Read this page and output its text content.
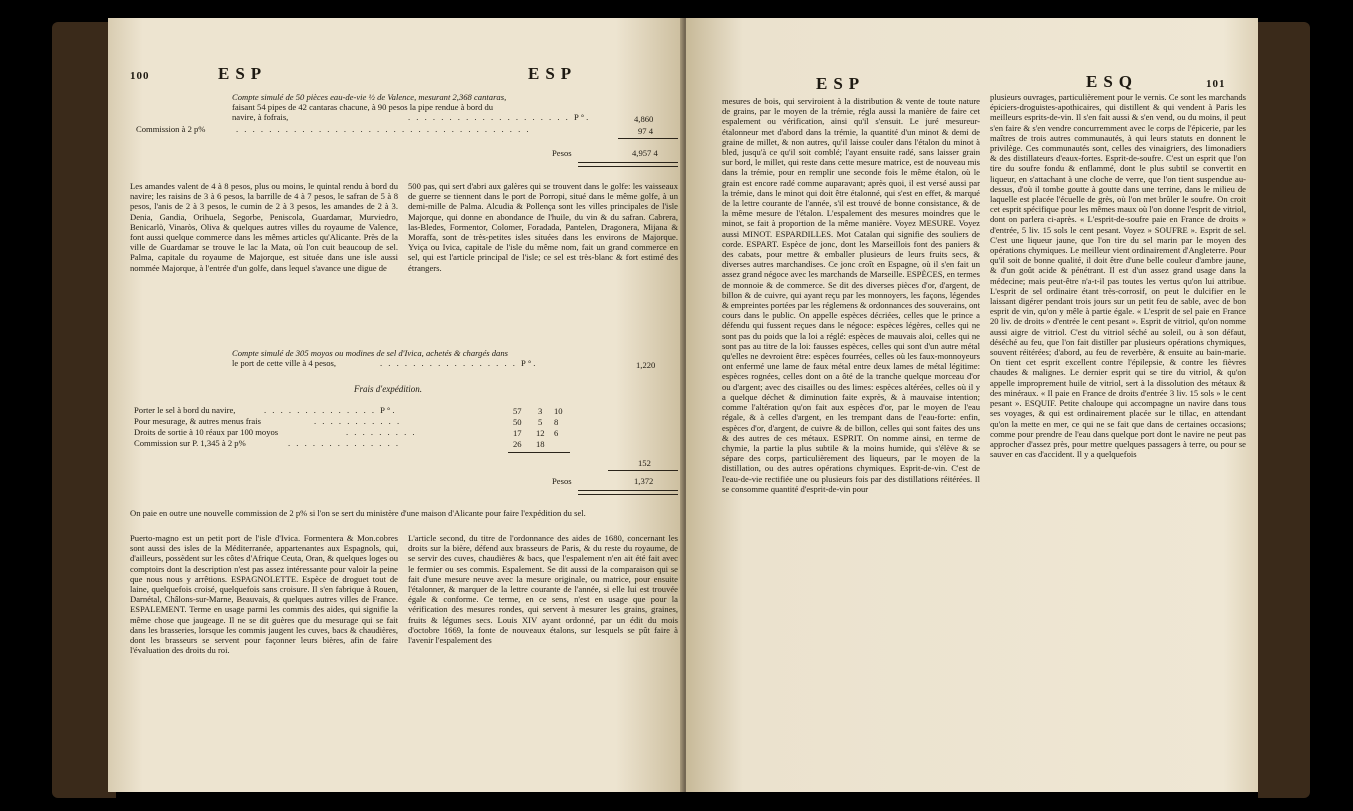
100	ESP	ESP

Compte simulé de 50 pièces eau-de-vie ½ de Valence, mesurant 2,368 cantaras,

faisant 54 pipes de 42 cantaras chacune, à 90 pesos la pipe rendue à bord du

navire, à fofrais,	. . . . . . . . . . . . . . . . . . . . P°.	4,860
Commission à 2 p%	. . . . . . . . . . . . . . . . . . . . . . . . . . . . . . . . . . . .	97 4
Pesos	4,957 4

Les amandes valent de 4 à 8 pesos, plus ou moins, le quintal rendu à bord du navire; les raisins de 3 à 6 pesos, la barrille de 4 à 7 pesos, le safran de 5 à 8 pesos, l'anis de 2 à 3 pesos, le cumin de 2 à 3 pesos, les amandes de 2 à 3. Denia, Gandia, Orihuela, Segorbe, Peniscola, Guardamar, Murviedro, Benicarlò, Vinaròs, Oliva & quelques autres villes du royaume de Valence, font aussi quelque commerce dans les mêmes articles qu'Alicante. Près de la ville de Guardamar se trouve le lac la Mata, où l'on cuit beaucoup de sel. Palma, capitale du royaume de Majorque, est située dans une isle aussi nommée Majorque, à l'entrée d'un golfe, dans lequel s'avance une digue de

500 pas, qui sert d'abri aux galères qui se trouvent dans le golfe: les vaisseaux de guerre se tiennent dans le port de Porropi, situé dans le même golfe, à un demi-mille de Palma. Alcudia & Pollença sont les villes principales de l'isle Majorque, qui donne en abondance de l'huile, du vin & du safran. Cabrera, las-Bledes, Formentor, Colomer, Foradada, Pantelen, Dragonera, Mijana & Moraffa, sont de très-petites isles situées dans les environs de Majorque. Yviça ou Ivica, capitale de l'isle du même nom, fait un grand commerce en sel, qui est l'article principal de l'isle; ce sel est très-blanc & fort estimé des étrangers.

Compte simulé de 305 moyos ou modines de sel d'Ivica, achetés & chargés dans

le port de cette ville à 4 pesos,	. . . . . . . . . . . . . . . . . P°.	1,220
Frais d'expédition.
Porter le sel à bord du navire,	. . . . . . . . . . . . . . P°.	57 3 10
Pour mesurage, & autres menus frais	. . . . . . . . . . .	50 5 8
Droits de sortie à 10 réaux par 100 moyos	. . . . . . . . .	17 12 6
Commission sur P. 1,345 à 2 p%	. . . . . . . . . . . . . .	26 18
152
Pesos	1,372

On paie en outre une nouvelle commission de 2 p% si l'on se sert du ministère d'une maison d'Alicante pour faire l'expédition du sel.

Puerto-magno est un petit port de l'isle d'Ivica. Formentera & Mon.cobres sont aussi des isles de la Méditerranée, appartenantes aux Espagnols, qui, d'ailleurs, possèdent sur les côtes d'Afrique Ceuta, Oran, & quelques loges ou comptoirs dont la description n'est pas assez intéressante pour valoir la peine que nous nous y arrêtions. ESPAGNOLETTE. Espèce de droguet tout de laine, quelquefois croisé, quelquefois sans croisure. Il s'en fabrique à Rouen, Darnétal, Châlons-sur-Marne, Beauvais, & quelques autres villes de France. ESPALEMENT. Terme en usage parmi les commis des aides, qui signifie la même chose que jaugeage. Il ne se dit guères que du mesurage qui se fait dans les brasseries, lorsque les commis jaugent les cuves, bacs & chaudières, dont les brasseurs se servent pour façonner leurs bières, afin de faire l'évaluation des droits du roi.

L'article second, du titre de l'ordonnance des aides de 1680, concernant les droits sur la bière, défend aux brasseurs de Paris, & du reste du royaume, de se servir des cuves, chaudières & bacs, que l'espalement n'en ait été fait avec le fermier ou ses commis. Espalement. Se dit aussi de la comparaison qui se fait d'une mesure neuve avec la mesure originale, ou matrice, pour ensuite l'étalonner, & marquer de la lettre courante de l'année, si elle lui est trouvée égale & conforme. Ce terme, en ce sens, n'est en usage que pour la vérification des mesures rondes, qui servent à mesurer les grains, graines, fruits & légumes secs. Louis XIV ayant ordonné, par un édit du mois d'octobre 1669, la fonte de nouveaux étalons, sur lesquels se pût faire à l'avenir l'espalement des

ESP	ESQ	101

mesures de bois, qui serviroient à la distribution & vente de toute nature de grains, par le moyen de la trémie, régla aussi la manière de faire cet espalement ou vérification, ainsi qu'il s'ensuit. Le juré mesureur-étalonneur met d'abord dans la trémie, la quantité d'un minot & demi de graine de millet, & non autres, qu'il laisse couler dans l'étalon du minot à bled, jusqu'à ce qu'il soit comblé; l'ayant ensuite radé, sans laisser grain sur bord, le millet, qui reste dans cette mesure matrice, est de nouveau mis dans la trémie, pour en remplir une seconde fois le même étalon, où le grain est encore radé comme auparavant; après quoi, il est versé aussi par la trémie, dans le minot qui doit être étalonné, qui s'est en effet, & marqué de la lettre courante de l'année, s'il est trouvé de bonne consistance, & de la même mesure de l'étalon. L'espalement des mesures moindres que le minot, se fait à proportion de la même manière. Voyez MESURE. Voyez aussi MINOT. ESPARDILLES. Mot Catalan qui signifie des souliers de corde. ESPART. Espèce de jonc, dont les Marseillois font des paniers & des cabats, pour mettre & emballer plusieurs de leurs fruits secs, & diverses autres marchandises. Ce jonc croît en Espagne, où il s'en fait un assez grand négoce avec les marchands de Marseille. ESPÈCES, en termes de monnoie & de commerce. Se dit des diverses pièces d'or, d'argent, de billon & de cuivre, qui ayant reçu par les monnoyers, les façons, légendes & empreintes portées par les réglemens & ordonnances des souverains, ont cours dans le public. On appelle espèces décriées, celles que le prince a défendu qui fussent reçues dans le négoce: espèces légères, celles qui ne sont pas du poids que la loi a réglé: espèces de mauvais aloi, celles qui ne sont pas au titre de la loi: fausses espèces, celles qui sont d'un autre métal qu'elles ne devroient être: espèces fourrées, celles où les faux-monnoyeurs ont enfermé une lame de faux métal entre deux lames de métal légitime: espèces rognées, celles dont on a ôté de la tranche quelque morceau d'or ou d'argent; avec des cisailles ou des limes: espèces altérées, celles où il y a quelque déchet & diminution faite exprès, & à mauvaise intention; comme l'altération qu'on fait aux espèces d'or, par le moyen de l'eau régale, & à celles d'argent, en les trempant dans de l'eau-forte: enfin, espèces d'or, d'argent, de cuivre & de billon, celles qui sont faites des uns & des autres de ces métaux. ESPRIT. On nomme ainsi, en terme de chymie, la partie la plus subtile & la moins humide, qui s'élève & se sépare des corps, particulièrement des liqueurs, par le moyen de la distillation, ou des autres opérations chymiques. Esprit-de-vin. C'est de l'eau-de-vie rectifiée une ou plusieurs fois par des distillations réitérées. Il se consomme quantité d'esprit-de-vin pour

plusieurs ouvrages, particulièrement pour le vernis. Ce sont les marchands épiciers-droguistes-apothicaires, qui distillent & qui vendent à Paris les meilleurs esprits-de-vin. Il s'en fait aussi & s'en vend, ou du moins, il peut s'en faire & s'en vendre concurremment avec le corps de l'épicerie, par les maîtres de trois autres communautés, à qui leurs statuts en donnent le privilège. Ces communautés sont, celles des vinaigriers, des limonadiers & des distillateurs d'eaux-fortes. Esprit-de-soufre. C'est un esprit que l'on tire du soufre fondu & enflammé, dont le plus subtil se convertit en liqueur, en s'attachant à une cloche de verre, que l'on tient suspendue au-dessus, d'où il tombe goutte à goutte dans une terrine, dans le milieu de laquelle est placée l'écuelle de grès, où l'on met brûler le soufre. On croit cet esprit spécifique pour les mêmes maux où l'on donne l'esprit de vitriol, dont on parlera ci-après. « L'esprit-de-soufre paie en France de droits » d'entrée, 5 liv. 15 sols le cent pesant. Voyez » SOUFRE ». Esprit de sel. C'est une liqueur jaune, que l'on tire du sel marin par le moyen des opérations chymiques. Le meilleur vient ordinairement d'Angleterre. Pour qu'il soit de bonne qualité, il doit être d'une belle couleur d'ambre jaune, & d'un goût acide & pénétrant. Il est d'un assez grand usage dans la médecine; mais peut-être n'a-t-il pas toutes les vertus qu'on lui attribue. L'esprit de sel ordinaire étant très-corrosif, on peut le dulcifier en le laissant digérer pendant trois jours sur un petit feu de sable, avec de bon esprit de vin, qu'on y mêle à partie égale. « L'esprit de sel paie en France 20 liv. de droits » d'entrée le cent pesant ». Esprit de vitriol, qu'on nomme aussi aigre de vitriol. C'est du vitriol séché au soleil, ou à son défaut, déséché au feu, que l'on fait distiller par plusieurs opérations chymiques, souvent réitérées; d'abord, au feu de reverbère, & ensuite au bain-marie. On tient cet esprit excellent contre l'épilepsie, & contre les fièvres chaudes & malignes. Le dernier esprit qui se tire du vitriol, & qu'on appelle improprement huile de vitriol, sert à la dissolution des métaux & des minéraux. « Il paie en France de droits d'entrée 3 liv. 15 sols » le cent pesant ». ESQUIF. Petite chaloupe qui accompagne un navire dans tous ses voyages, & qui est ordinairement placée sur le tillac, en attendant qu'on la mette en mer, ce qui ne se fait que dans de certaines occasions; comme pour prendre de l'eau dans quelque port dont le navire ne peut pas approcher d'assez près, pour mettre quelques passagers à terre, ou pour se sauver en cas d'accident. Il y a quelquefois
